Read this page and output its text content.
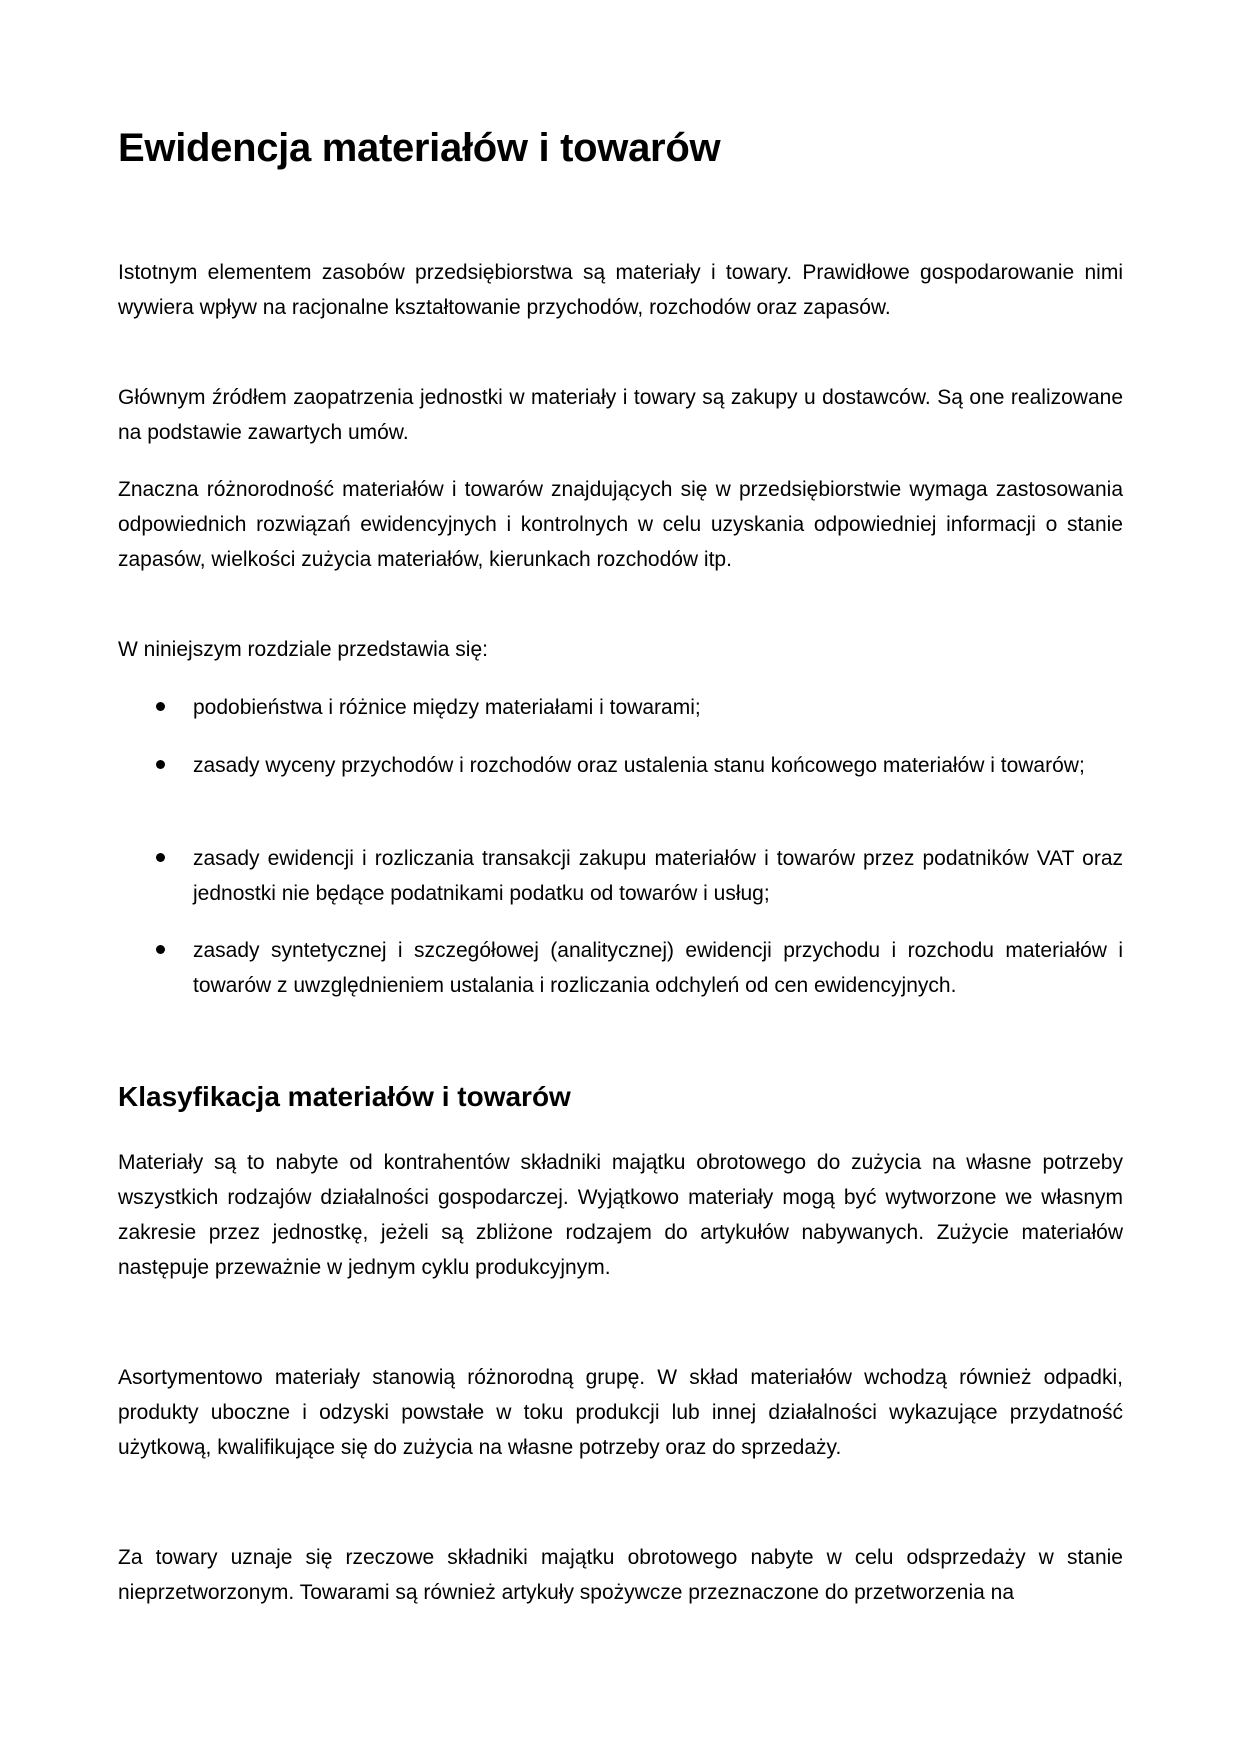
Ewidencja materiałów i towarów

Istotnym elementem zasobów przedsiębiorstwa są materiały i towary. Prawidłowe gospodarowanie nimi wywiera wpływ na racjonalne kształtowanie przychodów, rozchodów oraz zapasów.

Głównym źródłem zaopatrzenia jednostki w materiały i towary są zakupy u dostawców. Są one realizowane na podstawie zawartych umów.

Znaczna różnorodność materiałów i towarów znajdujących się w przedsiębiorstwie wymaga zastosowania odpowiednich rozwiązań ewidencyjnych i kontrolnych w celu uzyskania odpowiedniej informacji o stanie zapasów, wielkości zużycia materiałów, kierunkach rozchodów itp.

W niniejszym rozdziale przedstawia się:

podobieństwa i różnice między materiałami i towarami;
zasady wyceny przychodów i rozchodów oraz ustalenia stanu końcowego materiałów i towarów;
zasady ewidencji i rozliczania transakcji zakupu materiałów i towarów przez podatników VAT oraz jednostki nie będące podatnikami podatku od towarów i usług;
zasady syntetycznej i szczegółowej (analitycznej) ewidencji przychodu i rozchodu materiałów i towarów z uwzględnieniem ustalania i rozliczania odchyleń od cen ewidencyjnych.
Klasyfikacja materiałów i towarów

Materiały są to nabyte od kontrahentów składniki majątku obrotowego do zużycia na własne potrzeby wszystkich rodzajów działalności gospodarczej. Wyjątkowo materiały mogą być wytworzone we własnym zakresie przez jednostkę, jeżeli są zbliżone rodzajem do artykułów nabywanych. Zużycie materiałów następuje przeważnie w jednym cyklu produkcyjnym.

Asortymentowo materiały stanowią różnorodną grupę. W skład materiałów wchodzą również odpadki, produkty uboczne i odzyski powstałe w toku produkcji lub innej działalności wykazujące przydatność użytkową, kwalifikujące się do zużycia na własne potrzeby oraz do sprzedaży.

Za towary uznaje się rzeczowe składniki majątku obrotowego nabyte w celu odsprzedaży w stanie nieprzetworzonym. Towarami są również artykuły spożywcze przeznaczone do przetworzenia na
